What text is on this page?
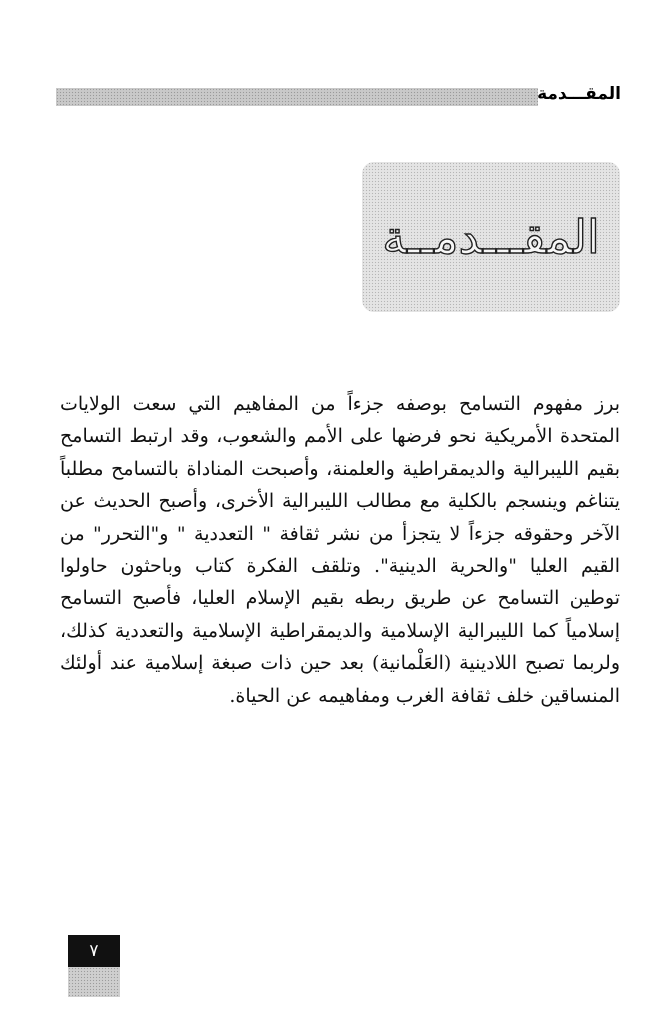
المقـــدمة
المقـــدمــة

برز مفهوم التسامح بوصفه جزءاً من المفاهيم التي سعت الولايات المتحدة الأمريكية نحو فرضها على الأمم والشعوب، وقد ارتبط التسامح بقيم الليبرالية والديمقراطية والعلمنة، وأصبحت المناداة بالتسامح مطلباً يتناغم وينسجم بالكلية مع مطالب الليبرالية الأخرى، وأصبح الحديث عن الآخر وحقوقه جزءاً لا يتجزأ من نشر ثقافة " التعددية " و"التحرر" من القيم العليا "والحرية الدينية". وتلقف الفكرة كتاب وباحثون حاولوا توطين التسامح عن طريق ربطه بقيم الإسلام العليا، فأصبح التسامح إسلامياً كما الليبرالية الإسلامية والديمقراطية الإسلامية والتعددية كذلك، ولربما تصبح اللادينية (العَلْمانية) بعد حين ذات صبغة إسلامية عند أولئك المنساقين خلف ثقافة الغرب ومفاهيمه عن الحياة.

٧
